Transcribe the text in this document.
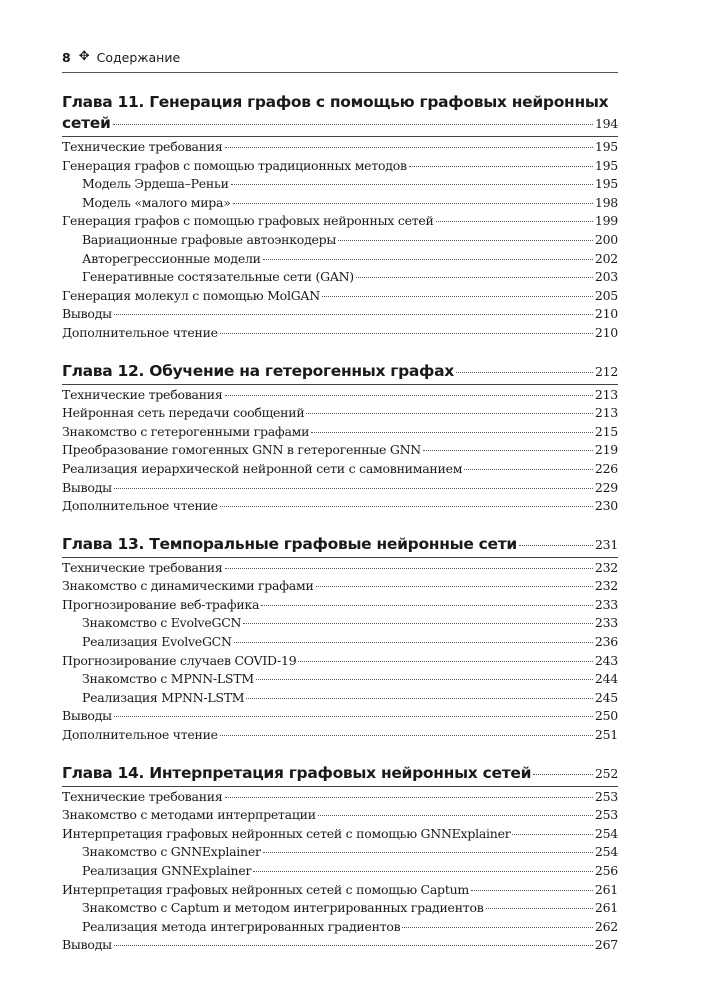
8 ✥ Содержание
Глава 11. Генерация графов с помощью графовых нейронных
сетей	194
Технические требования	195
Генерация графов с помощью традиционных методов	195
Модель Эрдеша–Реньи	195
Модель «малого мира»	198
Генерация графов с помощью графовых нейронных сетей	199
Вариационные графовые автоэнкодеры	200
Авторегрессионные модели	202
Генеративные состязательные сети (GAN)	203
Генерация молекул с помощью MolGAN	205
Выводы	210
Дополнительное чтение	210
Глава 12. Обучение на гетерогенных графах	212
Технические требования	213
Нейронная сеть передачи сообщений	213
Знакомство с гетерогенными графами	215
Преобразование гомогенных GNN в гетерогенные GNN	219
Реализация иерархической нейронной сети с самовниманием	226
Выводы	229
Дополнительное чтение	230
Глава 13. Темпоральные графовые нейронные сети	231
Технические требования	232
Знакомство с динамическими графами	232
Прогнозирование веб-трафика	233
Знакомство с EvolveGCN	233
Реализация EvolveGCN	236
Прогнозирование случаев COVID-19	243
Знакомство с MPNN-LSTM	244
Реализация MPNN-LSTM	245
Выводы	250
Дополнительное чтение	251
Глава 14. Интерпретация графовых нейронных сетей	252
Технические требования	253
Знакомство с методами интерпретации	253
Интерпретация графовых нейронных сетей с помощью GNNExplainer	254
Знакомство с GNNExplainer	254
Реализация GNNExplainer	256
Интерпретация графовых нейронных сетей с помощью Captum	261
Знакомство с Captum и методом интегрированных градиентов	261
Реализация метода интегрированных градиентов	262
Выводы	267
